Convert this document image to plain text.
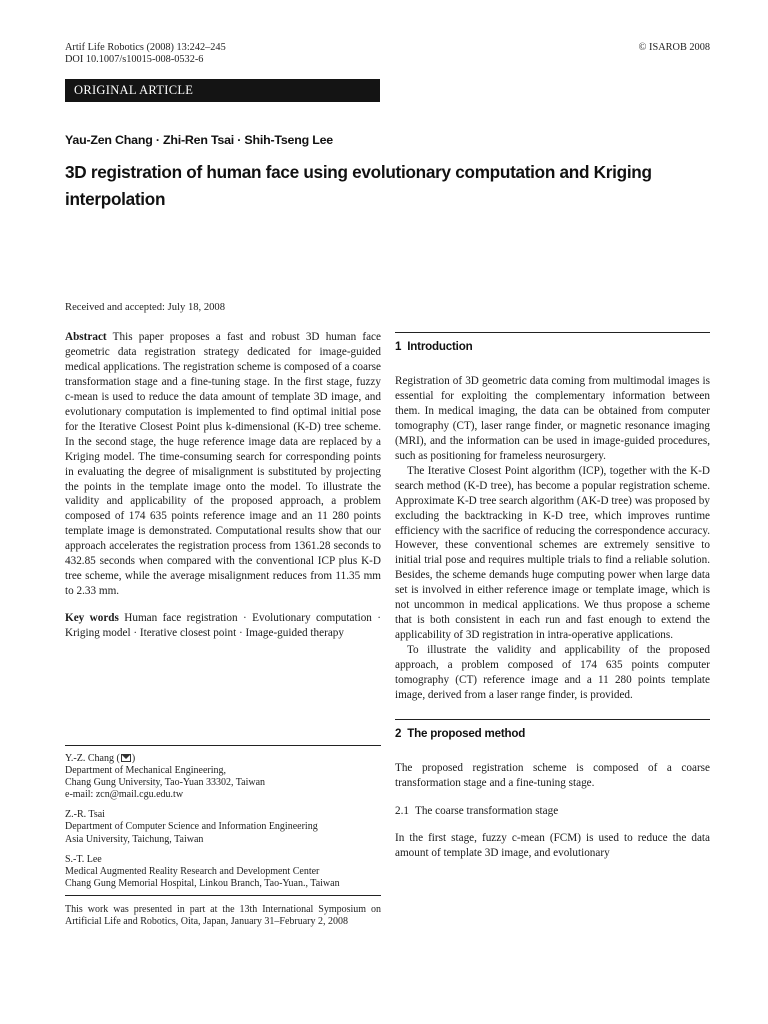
Artif Life Robotics (2008) 13:242–245
DOI 10.1007/s10015-008-0532-6
© ISAROB 2008
ORIGINAL ARTICLE
Yau-Zen Chang · Zhi-Ren Tsai · Shih-Tseng Lee
3D registration of human face using evolutionary computation and Kriging interpolation
Received and accepted: July 18, 2008

Abstract This paper proposes a fast and robust 3D human face geometric data registration strategy dedicated for image-guided medical applications. The registration scheme is composed of a coarse transformation stage and a fine-tuning stage. In the first stage, fuzzy c-mean is used to reduce the data amount of template 3D image, and evolutionary computation is implemented to find optimal initial pose for the Iterative Closest Point plus k-dimensional (K-D) tree scheme. In the second stage, the huge reference image data are replaced by a Kriging model. The time-consuming search for corresponding points in evaluating the degree of misalignment is substituted by projecting the points in the template image onto the model. To illustrate the validity and applicability of the proposed approach, a problem composed of 174 635 points reference image and an 11 280 points template image is demonstrated. Computational results show that our approach accelerates the registration process from 1361.28 seconds to 432.85 seconds when compared with the conventional ICP plus K-D tree scheme, while the average misalignment reduces from 11.35 mm to 2.33 mm.

Key words Human face registration · Evolutionary computation · Kriging model · Iterative closest point · Image-guided therapy

Y.-Z. Chang ( )
Department of Mechanical Engineering,
Chang Gung University, Tao-Yuan 33302, Taiwan
e-mail: zcn@mail.cgu.edu.tw
Z.-R. Tsai
Department of Computer Science and Information Engineering
Asia University, Taichung, Taiwan
S.-T. Lee
Medical Augmented Reality Research and Development Center
Chang Gung Memorial Hospital, Linkou Branch, Tao-Yuan., Taiwan

This work was presented in part at the 13th International Symposium on Artificial Life and Robotics, Oita, Japan, January 31–February 2, 2008

1 Introduction

Registration of 3D geometric data coming from multimodal images is essential for exploiting the complementary information between them. In medical imaging, the data can be obtained from computer tomography (CT), laser range finder, or magnetic resonance imaging (MRI), and the information can be used in image-guided procedures, such as positioning for frameless neurosurgery.

The Iterative Closest Point algorithm (ICP), together with the K-D search method (K-D tree), has become a popular registration scheme. Approximate K-D tree search algorithm (AK-D tree) was proposed by excluding the backtracking in K-D tree, which improves runtime efficiency with the sacrifice of reducing the correspondence accuracy. However, these conventional schemes are extremely sensitive to initial trial pose and requires multiple trials to find a reliable solution. Besides, the scheme demands huge computing power when large data set is involved in either reference image or template image, which is not uncommon in medical applications. We thus propose a scheme that is both consistent in each run and fast enough to extend the applicability of 3D registration in intra-operative applications.

To illustrate the validity and applicability of the proposed approach, a problem composed of 174 635 points computer tomography (CT) reference image and a 11 280 points template image, derived from a laser range finder, is provided.

2 The proposed method

The proposed registration scheme is composed of a coarse transformation stage and a fine-tuning stage.

2.1 The coarse transformation stage

In the first stage, fuzzy c-mean (FCM) is used to reduce the data amount of template 3D image, and evolutionary
